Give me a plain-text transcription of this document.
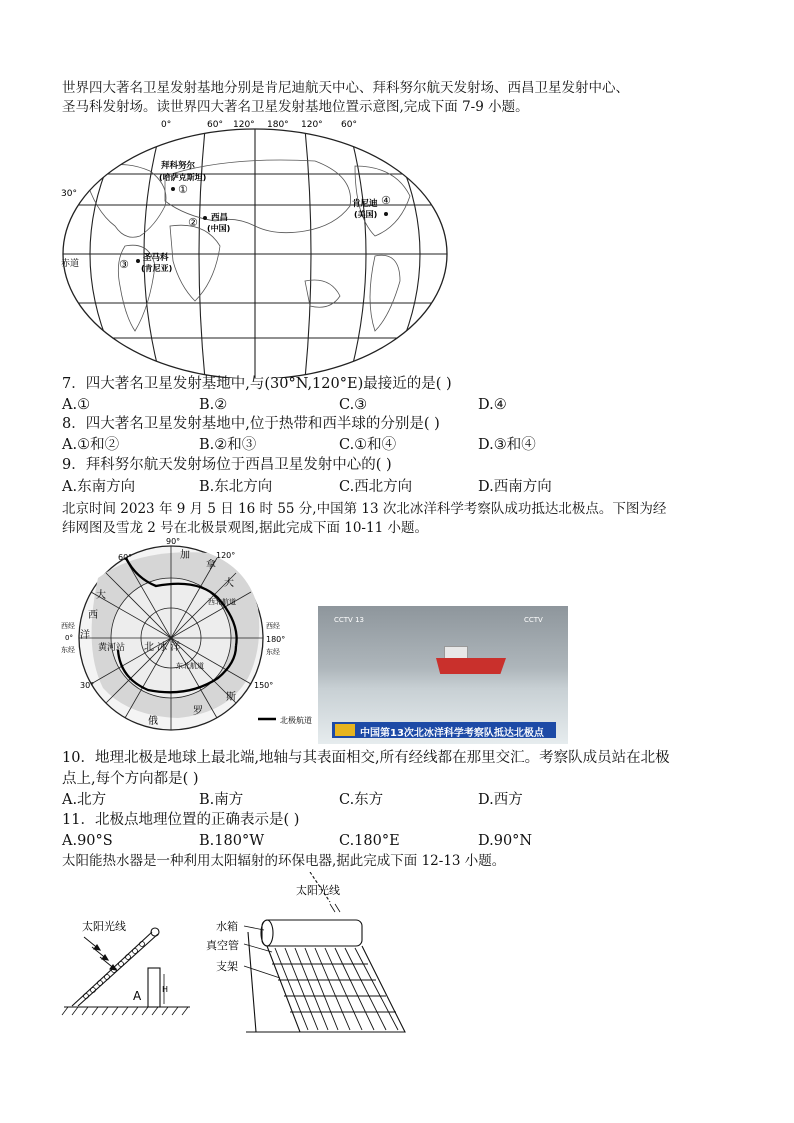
世界四大著名卫星发射基地分别是肯尼迪航天中心、拜科努尔航天发射场、西昌卫星发射中心、
圣马科发射场。读世界四大著名卫星发射基地位置示意图,完成下面 7-9 小题。
0°	60° 120° 180° 120° 60°
30°
赤道
拜科努尔
(哈萨克斯坦)
①
② 西昌
(中国)
③ 圣马科
(肯尼亚)
肯尼迪
(美国)
④
7．四大著名卫星发射基地中,与(30°N,120°E)最接近的是( )
A.①	B.②	C.③	D.④
8．四大著名卫星发射基地中,位于热带和西半球的分别是( )
A.①和②	B.②和③	C.①和④	D.③和④
9．拜科努尔航天发射场位于西昌卫星发射中心的( )
A.东南方向	B.东北方向	C.西北方向	D.西南方向
北京时间 2023 年 9 月 5 日 16 时 55 分,中国第 13 次北冰洋科学考察队成功抵达北极点。下图为经
纬网图及雪龙 2 号在北极景观图,据此完成下面 10-11 小题。
90°
60°	120°
150°
180°
30°
西经
0°
东经
西经
东经
加
拿
大
大
西
洋
黄河站 北 冰 洋
西北航道
东北航道
俄
罗
斯
北极航道
CCTV 13	CCTV
中国第13次北冰洋科学考察队抵达北极点
10．地理北极是地球上最北端,地轴与其表面相交,所有经线都在那里交汇。考察队成员站在北极
点上,每个方向都是( )
A.北方	B.南方	C.东方	D.西方
11．北极点地理位置的正确表示是( )
A.90°S	B.180°W	C.180°E	D.90°N
太阳能热水器是一种利用太阳辐射的环保电器,据此完成下面 12-13 小题。
太阳光线
A	H
太阳光线
水箱
真空管
支架
